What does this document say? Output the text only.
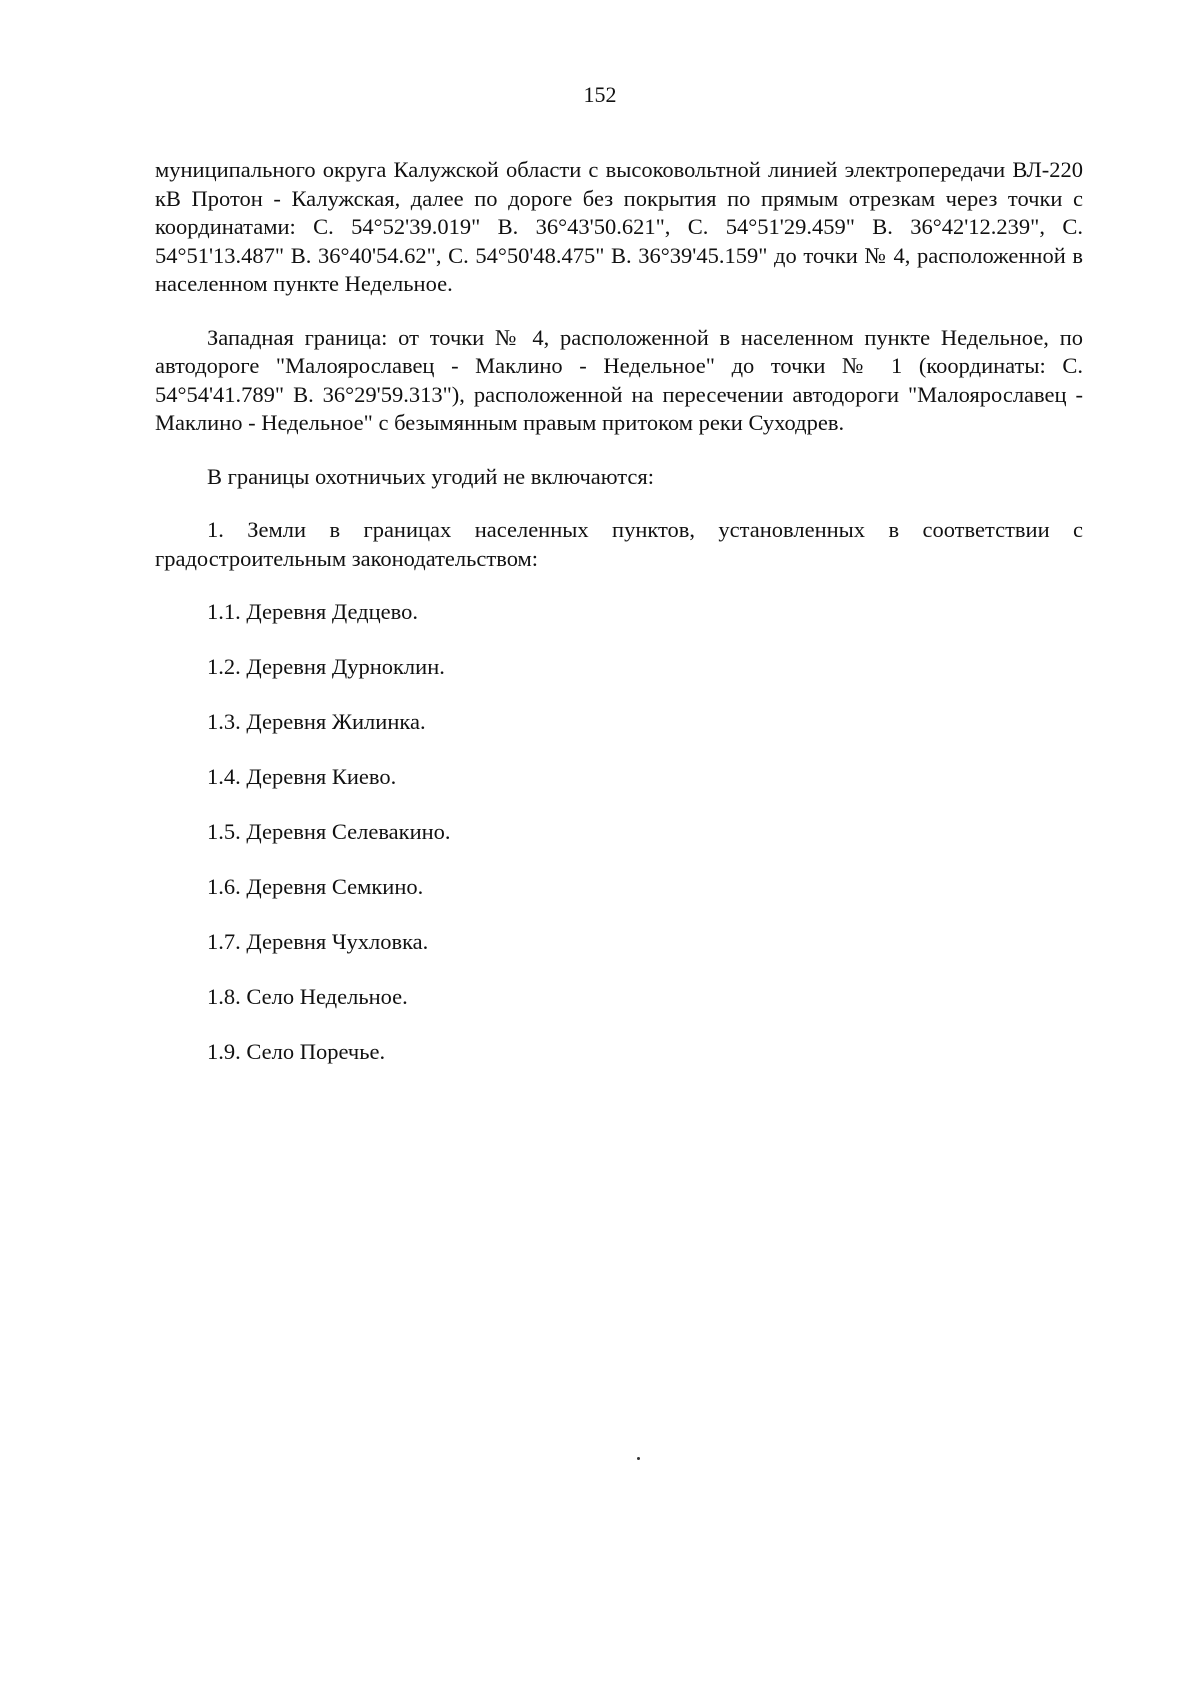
152

муниципального округа Калужской области с высоковольтной линией электропередачи ВЛ-220 кВ Протон - Калужская, далее по дороге без покрытия по прямым отрезкам через точки с координатами: С. 54°52'39.019" В. 36°43'50.621", С. 54°51'29.459" В. 36°42'12.239", С. 54°51'13.487" В. 36°40'54.62", С. 54°50'48.475" В. 36°39'45.159" до точки № 4, расположенной в населенном пункте Недельное.

Западная граница: от точки № 4, расположенной в населенном пункте Недельное, по автодороге "Малоярославец - Маклино - Недельное" до точки № 1 (координаты: С. 54°54'41.789" В. 36°29'59.313"), расположенной на пересечении автодороги "Малоярославец - Маклино - Недельное" с безымянным правым притоком реки Суходрев.

В границы охотничьих угодий не включаются:

1. Земли в границах населенных пунктов, установленных в соответствии с градостроительным законодательством:

1.1. Деревня Дедцево.
1.2. Деревня Дурноклин.
1.3. Деревня Жилинка.
1.4. Деревня Киево.
1.5. Деревня Селевакино.
1.6. Деревня Семкино.
1.7. Деревня Чухловка.
1.8. Село Недельное.
1.9. Село Поречье.
